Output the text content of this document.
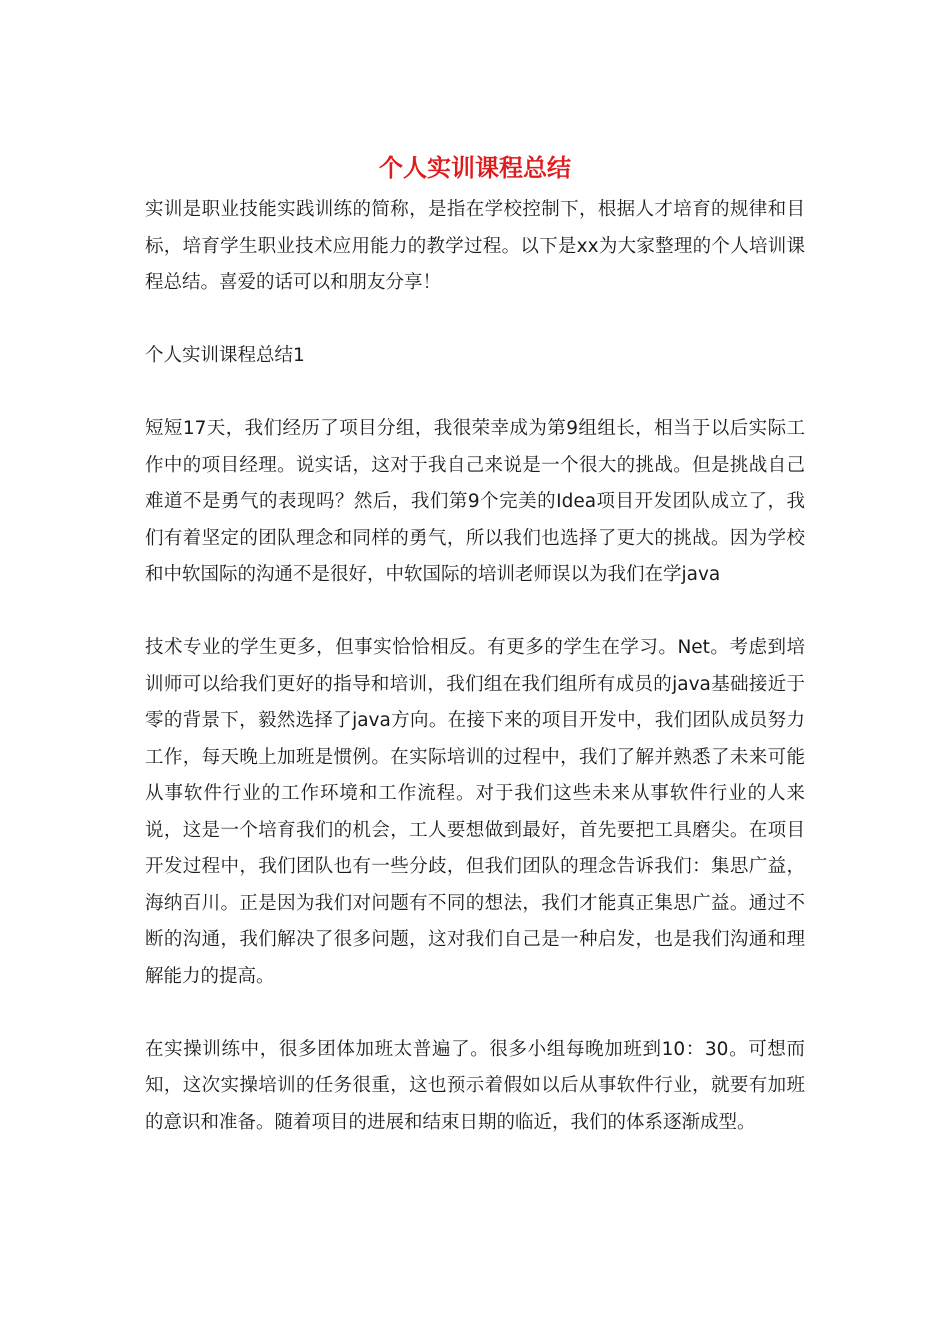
个人实训课程总结

实训是职业技能实践训练的简称，是指在学校控制下，根据人才培育的规律和目标，培育学生职业技术应用能力的教学过程。以下是xx为大家整理的个人培训课程总结。喜爱的话可以和朋友分享！

个人实训课程总结1

短短17天，我们经历了项目分组，我很荣幸成为第9组组长，相当于以后实际工作中的项目经理。说实话，这对于我自己来说是一个很大的挑战。但是挑战自己难道不是勇气的表现吗？然后，我们第9个完美的Idea项目开发团队成立了，我们有着坚定的团队理念和同样的勇气，所以我们也选择了更大的挑战。因为学校和中软国际的沟通不是很好，中软国际的培训老师误以为我们在学java

技术专业的学生更多，但事实恰恰相反。有更多的学生在学习。Net。考虑到培训师可以给我们更好的指导和培训，我们组在我们组所有成员的java基础接近于零的背景下，毅然选择了java方向。在接下来的项目开发中，我们团队成员努力工作，每天晚上加班是惯例。在实际培训的过程中，我们了解并熟悉了未来可能从事软件行业的工作环境和工作流程。对于我们这些未来从事软件行业的人来说，这是一个培育我们的机会，工人要想做到最好，首先要把工具磨尖。在项目开发过程中，我们团队也有一些分歧，但我们团队的理念告诉我们：集思广益，海纳百川。正是因为我们对问题有不同的想法，我们才能真正集思广益。通过不断的沟通，我们解决了很多问题，这对我们自己是一种启发，也是我们沟通和理解能力的提高。

在实操训练中，很多团体加班太普遍了。很多小组每晚加班到10：30。可想而知，这次实操培训的任务很重，这也预示着假如以后从事软件行业，就要有加班的意识和准备。随着项目的进展和结束日期的临近，我们的体系逐渐成型。
